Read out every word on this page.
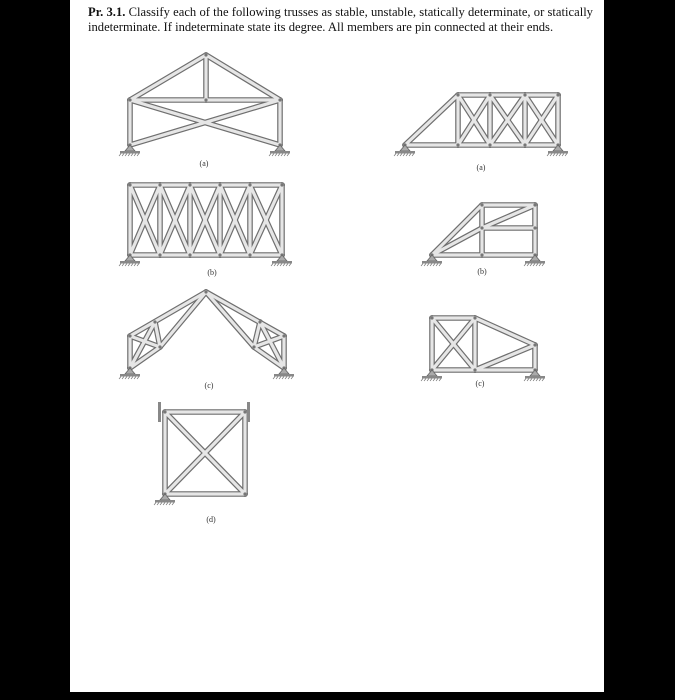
Pr. 3.1. Classify each of the following trusses as stable, unstable, statically determinate, or statically indeterminate. If indeterminate state its degree. All members are pin connected at their ends.

(a)
(b)
(c)
(d)
(a)
(b)
(c)
